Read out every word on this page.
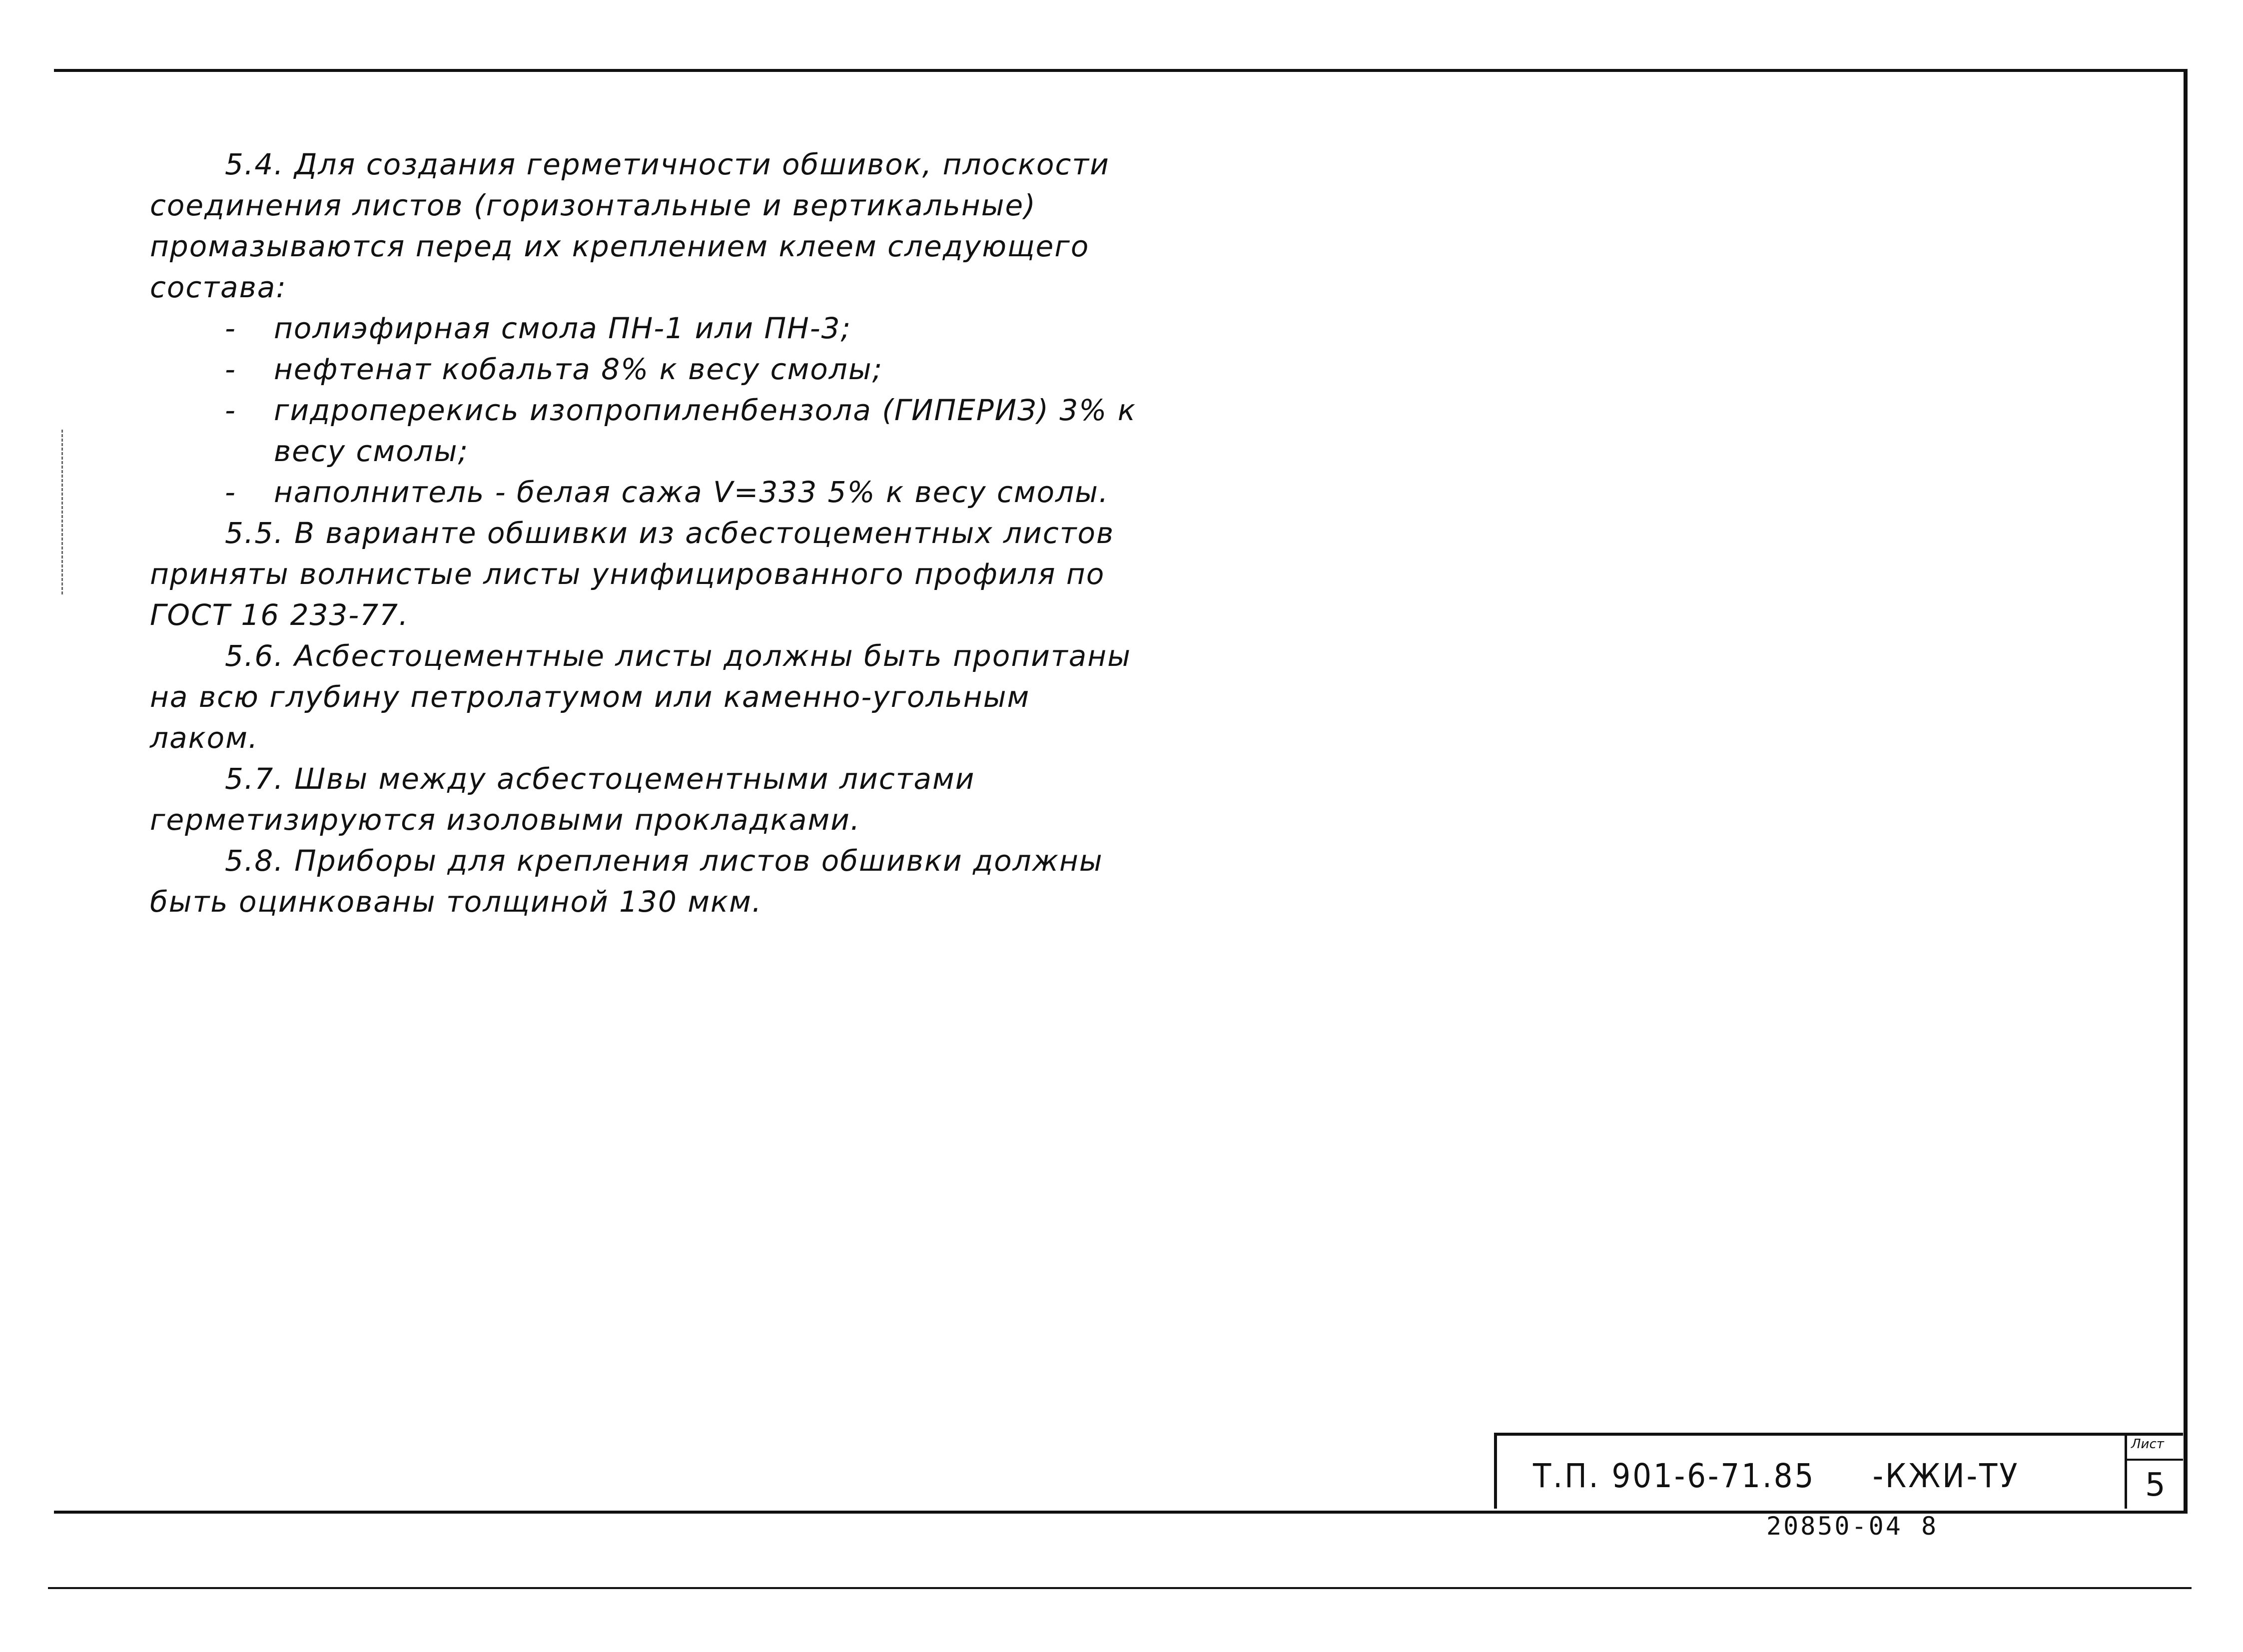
5.4. Для создания герметичности обшивок, плоскости соединения листов (горизонтальные и вертикальные) промазываются перед их креплением клеем следующего состава:

- полиэфирная смола ПН-1 или ПН-3;
- нефтенат кобальта 8% к весу смолы;
- гидроперекись изопропиленбензола (ГИПЕРИЗ) 3% к весу смолы;
- наполнитель - белая сажа V=333 5% к весу смолы.

5.5. В варианте обшивки из асбестоцементных листов приняты волнистые листы унифицированного профиля по ГОСТ 16 233-77.

5.6. Асбестоцементные листы должны быть пропитаны на всю глубину петролатумом или каменно-угольным лаком.

5.7. Швы между асбестоцементными листами герметизируются изоловыми прокладками.

5.8. Приборы для крепления листов обшивки должны быть оцинкованы толщиной 130 мкм.

Т.П. 901-6-71.85     -КЖИ-ТУ
Лист
5
20850-04 8
